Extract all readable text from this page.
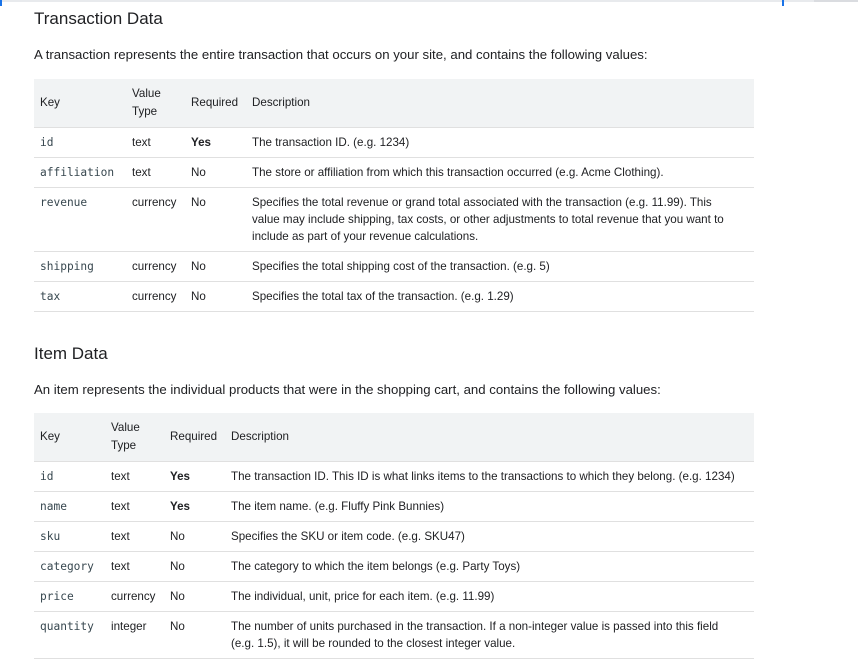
Transaction Data

A transaction represents the entire transaction that occurs on your site, and contains the following values:

Key	Value Type	Required	Description
id	text	Yes	The transaction ID. (e.g. 1234)
affiliation	text	No	The store or affiliation from which this transaction occurred (e.g. Acme Clothing).
revenue	currency	No	Specifies the total revenue or grand total associated with the transaction (e.g. 11.99). This value may include shipping, tax costs, or other adjustments to total revenue that you want to include as part of your revenue calculations.
shipping	currency	No	Specifies the total shipping cost of the transaction. (e.g. 5)
tax	currency	No	Specifies the total tax of the transaction. (e.g. 1.29)
Item Data

An item represents the individual products that were in the shopping cart, and contains the following values:

Key	Value Type	Required	Description
id	text	Yes	The transaction ID. This ID is what links items to the transactions to which they belong. (e.g. 1234)
name	text	Yes	The item name. (e.g. Fluffy Pink Bunnies)
sku	text	No	Specifies the SKU or item code. (e.g. SKU47)
category	text	No	The category to which the item belongs (e.g. Party Toys)
price	currency	No	The individual, unit, price for each item. (e.g. 11.99)
quantity	integer	No	The number of units purchased in the transaction. If a non-integer value is passed into this field (e.g. 1.5), it will be rounded to the closest integer value.
